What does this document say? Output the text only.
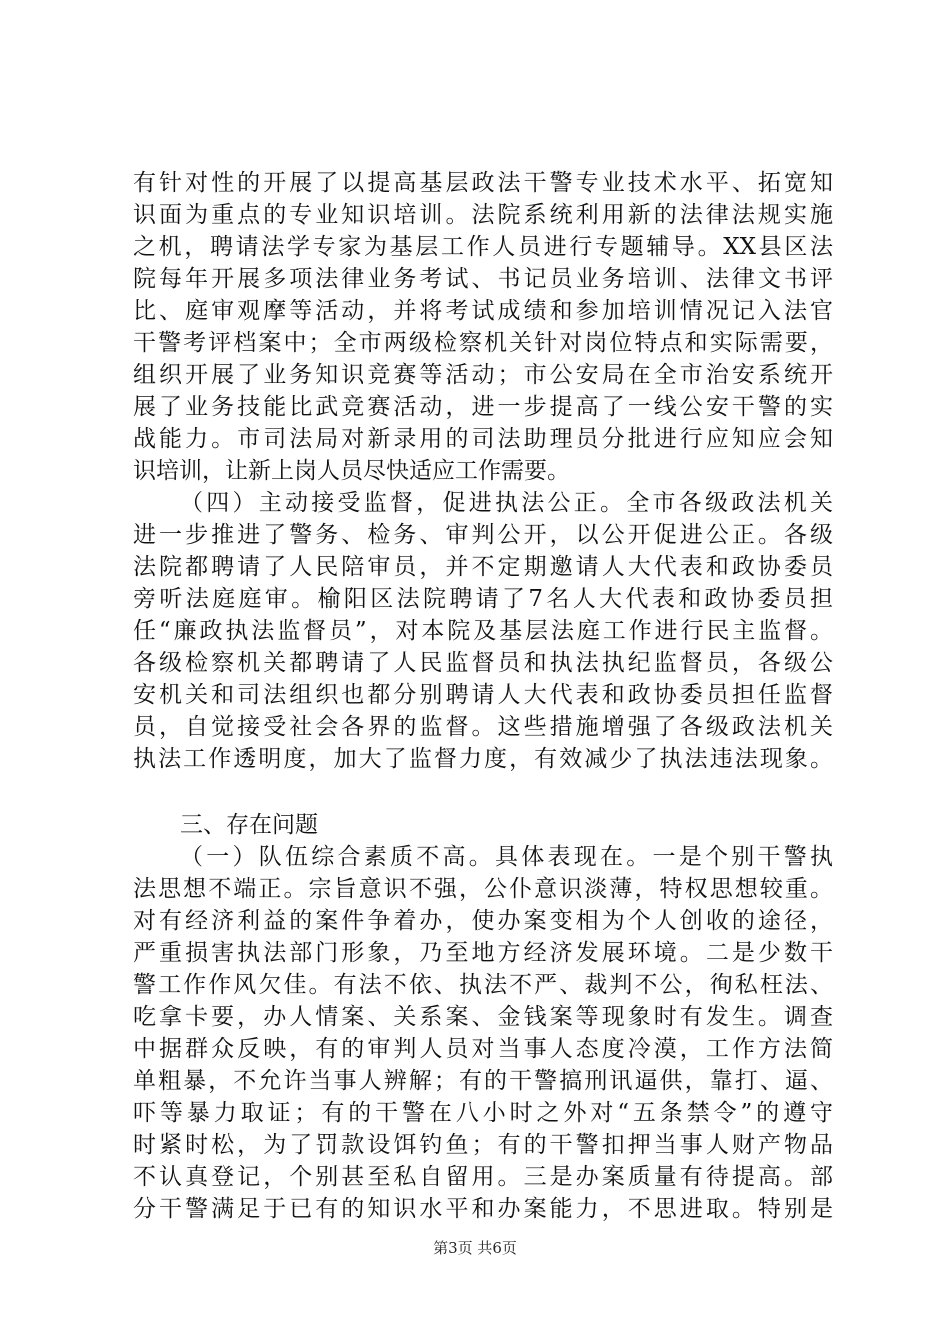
有针对性的开展了以提高基层政法干警专业技术水平、拓宽知
识面为重点的专业知识培训。法院系统利用新的法律法规实施
之机，聘请法学专家为基层工作人员进行专题辅导。XX县区法
院每年开展多项法律业务考试、书记员业务培训、法律文书评
比、庭审观摩等活动，并将考试成绩和参加培训情况记入法官
干警考评档案中；全市两级检察机关针对岗位特点和实际需要，
组织开展了业务知识竞赛等活动；市公安局在全市治安系统开
展了业务技能比武竞赛活动，进一步提高了一线公安干警的实
战能力。市司法局对新录用的司法助理员分批进行应知应会知
识培训，让新上岗人员尽快适应工作需要。
（四）主动接受监督，促进执法公正。全市各级政法机关
进一步推进了警务、检务、审判公开，以公开促进公正。各级
法院都聘请了人民陪审员，并不定期邀请人大代表和政协委员
旁听法庭庭审。榆阳区法院聘请了7名人大代表和政协委员担
任“廉政执法监督员”，对本院及基层法庭工作进行民主监督。
各级检察机关都聘请了人民监督员和执法执纪监督员，各级公
安机关和司法组织也都分别聘请人大代表和政协委员担任监督
员，自觉接受社会各界的监督。这些措施增强了各级政法机关
执法工作透明度，加大了监督力度，有效减少了执法违法现象。
三、存在问题
（一）队伍综合素质不高。具体表现在。一是个别干警执
法思想不端正。宗旨意识不强，公仆意识淡薄，特权思想较重。
对有经济利益的案件争着办，使办案变相为个人创收的途径，
严重损害执法部门形象，乃至地方经济发展环境。二是少数干
警工作作风欠佳。有法不依、执法不严、裁判不公，徇私枉法、
吃拿卡要，办人情案、关系案、金钱案等现象时有发生。调查
中据群众反映，有的审判人员对当事人态度冷漠，工作方法简
单粗暴，不允许当事人辨解；有的干警搞刑讯逼供，靠打、逼、
吓等暴力取证；有的干警在八小时之外对“五条禁令”的遵守
时紧时松，为了罚款设饵钓鱼；有的干警扣押当事人财产物品
不认真登记，个别甚至私自留用。三是办案质量有待提高。部
分干警满足于已有的知识水平和办案能力，不思进取。特别是
第3页 共6页
